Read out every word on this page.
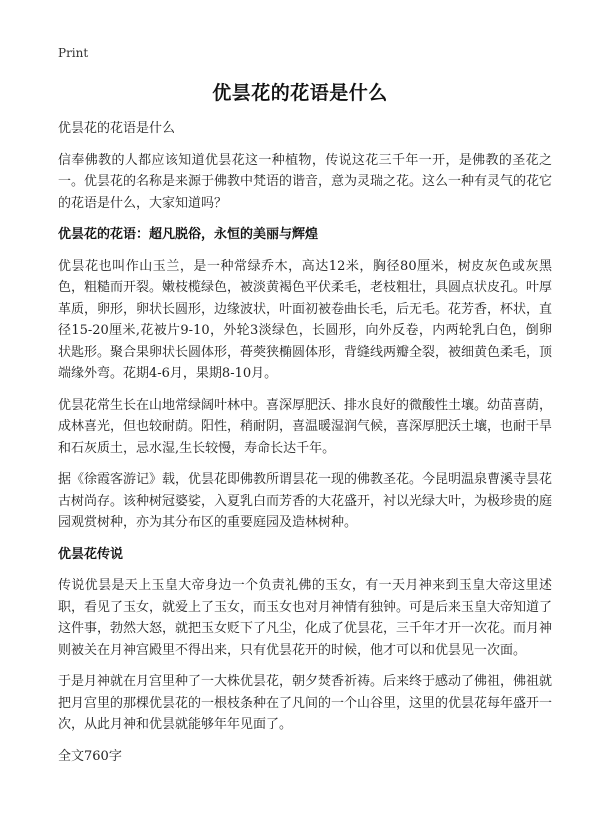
Print
优昙花的花语是什么

优昙花的花语是什么

信奉佛教的人都应该知道优昙花这一种植物，传说这花三千年一开，是佛教的圣花之一。优昙花的名称是来源于佛教中梵语的谐音，意为灵瑞之花。这么一种有灵气的花它的花语是什么，大家知道吗？

优昙花的花语：超凡脱俗，永恒的美丽与辉煌

优昙花也叫作山玉兰，是一种常绿乔木，高达12米，胸径80厘米，树皮灰色或灰黑色，粗糙而开裂。嫩枝榄绿色，被淡黄褐色平伏柔毛，老枝粗壮，具圆点状皮孔。叶厚革质，卵形，卵状长圆形，边缘波状，叶面初被卷曲长毛，后无毛。花芳香，杯状，直径15-20厘米,花被片9-10，外轮3淡绿色，长圆形，向外反卷，内两轮乳白色，倒卵状匙形。聚合果卵状长圆体形，蓇葖狭椭圆体形，背缝线两瓣全裂，被细黄色柔毛，顶端缘外弯。花期4-6月，果期8-10月。

优昙花常生长在山地常绿阔叶林中。喜深厚肥沃、排水良好的微酸性土壤。幼苗喜荫，成林喜光，但也较耐荫。阳性，稍耐阴，喜温暖湿润气候，喜深厚肥沃土壤，也耐干旱和石灰质土，忌水湿,生长较慢，寿命长达千年。

据《徐霞客游记》载，优昙花即佛教所谓昙花一现的佛教圣花。今昆明温泉曹溪寺昙花古树尚存。该种树冠婆娑，入夏乳白而芳香的大花盛开，衬以光绿大叶，为极珍贵的庭园观赏树种，亦为其分布区的重要庭园及造林树种。

优昙花传说

传说优昙是天上玉皇大帝身边一个负责礼佛的玉女，有一天月神来到玉皇大帝这里述职，看见了玉女，就爱上了玉女，而玉女也对月神情有独钟。可是后来玉皇大帝知道了这件事，勃然大怒，就把玉女贬下了凡尘，化成了优昙花，三千年才开一次花。而月神则被关在月神宫殿里不得出来，只有优昙花开的时候，他才可以和优昙见一次面。

于是月神就在月宫里种了一大株优昙花，朝夕焚香祈祷。后来终于感动了佛祖，佛祖就把月宫里的那棵优昙花的一根枝条种在了凡间的一个山谷里，这里的优昙花每年盛开一次，从此月神和优昙就能够年年见面了。

全文760字
